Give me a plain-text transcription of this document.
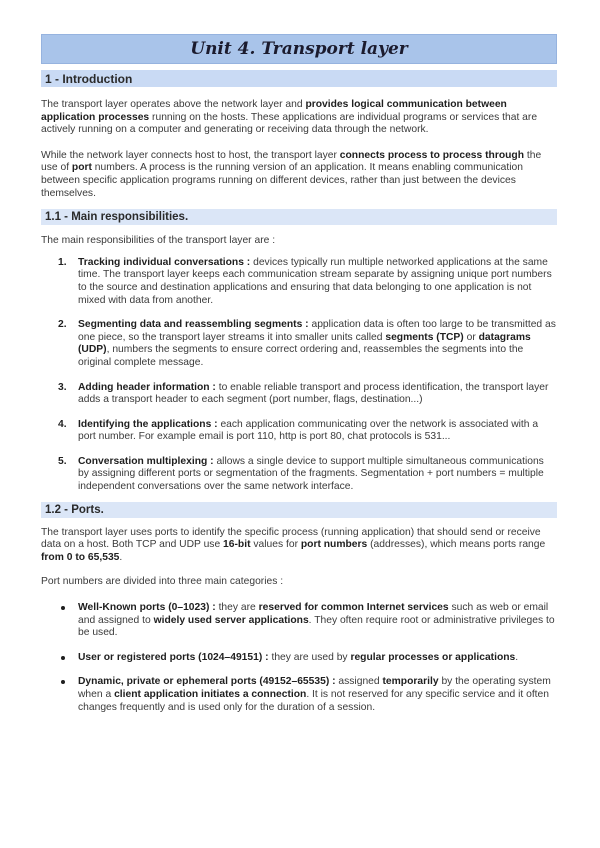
Unit 4. Transport layer
1 - Introduction

The transport layer operates above the network layer and provides logical communication between application processes running on the hosts. These applications are individual programs or services that are actively running on a computer and generating or receiving data through the network.

While the network layer connects host to host, the transport layer connects process to process through the use of port numbers. A process is the running version of an application. It means enabling communication between specific application programs running on different devices, rather than just between the devices themselves.

1.1 - Main responsibilities.

The main responsibilities of the transport layer are :

1. Tracking individual conversations : devices typically run multiple networked applications at the same time. The transport layer keeps each communication stream separate by assigning unique port numbers to the source and destination applications and ensuring that data belonging to one application is not mixed with data from another.
2. Segmenting data and reassembling segments : application data is often too large to be transmitted as one piece, so the transport layer streams it into smaller units called segments (TCP) or datagrams (UDP), numbers the segments to ensure correct ordering and, reassembles the segments into the original complete message.
3. Adding header information : to enable reliable transport and process identification, the transport layer adds a transport header to each segment (port number, flags, destination...)
4. Identifying the applications : each application communicating over the network is associated with a port number. For example email is port 110, http is port 80, chat protocols is 531...
5. Conversation multiplexing : allows a single device to support multiple simultaneous communications by assigning different ports or segmentation of the fragments. Segmentation + port numbers = multiple independent conversations over the same network interface.
1.2 - Ports.

The transport layer uses ports to identify the specific process (running application) that should send or receive data on a host. Both TCP and UDP use 16-bit values for port numbers (addresses), which means ports range from 0 to 65,535.

Port numbers are divided into three main categories :

Well-Known ports (0–1023) : they are reserved for common Internet services such as web or email and assigned to widely used server applications. They often require root or administrative privileges to be used.
User or registered ports (1024–49151) : they are used by regular processes or applications.
Dynamic, private or ephemeral ports (49152–65535) : assigned temporarily by the operating system when a client application initiates a connection. It is not reserved for any specific service and it often changes frequently and is used only for the duration of a session.
